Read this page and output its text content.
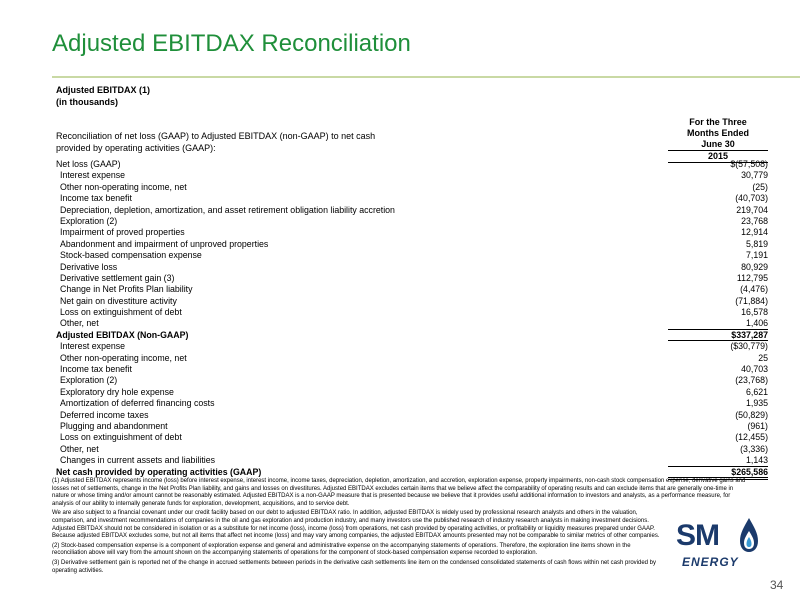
Adjusted EBITDAX Reconciliation
Adjusted EBITDAX (1)
(in thousands)
Reconciliation of net loss (GAAP) to Adjusted EBITDAX (non-GAAP) to net cash
provided by operating activities (GAAP):
For the Three
Months Ended
June 30
2015
Net loss (GAAP)	$(57,508)
Interest expense	30,779
Other non-operating income, net	(25)
Income tax benefit	(40,703)
Depreciation, depletion, amortization, and asset retirement obligation liability accretion	219,704
Exploration (2)	23,768
Impairment of proved properties	12,914
Abandonment and impairment of unproved properties	5,819
Stock-based compensation expense	7,191
Derivative loss	80,929
Derivative settlement gain (3)	112,795
Change in Net Profits Plan liability	(4,476)
Net gain on divestiture activity	(71,884)
Loss on extinguishment of debt	16,578
Other, net	1,406
Adjusted EBITDAX (Non-GAAP)	$337,287
Interest expense	($30,779)
Other non-operating income, net	25
Income tax benefit	40,703
Exploration (2)	(23,768)
Exploratory dry hole expense	6,621
Amortization of deferred financing costs	1,935
Deferred income taxes	(50,829)
Plugging and abandonment	(961)
Loss on extinguishment of debt	(12,455)
Other, net	(3,336)
Changes in current assets and liabilities	1,143
Net cash provided by operating activities (GAAP)	$265,586

(1) Adjusted EBITDAX represents income (loss) before interest expense, interest income, income taxes, depreciation, depletion, amortization, and accretion, exploration expense, property impairments, non-cash stock compensation expense, derivative gains and losses net of settlements, change in the Net Profits Plan liability, and gains and losses on divestitures. Adjusted EBITDAX excludes certain items that we believe affect the comparability of operating results and can exclude items that are generally one-time in nature or whose timing and/or amount cannot be reasonably estimated. Adjusted EBITDAX is a non-GAAP measure that is presented because we believe that it provides useful additional information to investors and analysts, as a performance measure, for analysis of our ability to internally generate funds for exploration, development, acquisitions, and to service debt.

We are also subject to a financial covenant under our credit facility based on our debt to adjusted EBITDAX ratio. In addition, adjusted EBITDAX is widely used by professional research analysts and others in the valuation, comparison, and investment recommendations of companies in the oil and gas exploration and production industry, and many investors use the published research of industry research analysts in making investment decisions. Adjusted EBITDAX should not be considered in isolation or as a substitute for net income (loss), income (loss) from operations, net cash provided by operating activities, or profitability or liquidity measures prepared under GAAP. Because adjusted EBITDAX excludes some, but not all items that affect net income (loss) and may vary among companies, the adjusted EBITDAX amounts presented may not be comparable to similar metrics of other companies.

(2) Stock-based compensation expense is a component of exploration expense and general and administrative expense on the accompanying statements of operations. Therefore, the exploration line items shown in the reconciliation above will vary from the amount shown on the accompanying statements of operations for the component of stock-based compensation expense recorded to exploration.

(3) Derivative settlement gain is reported net of the change in accrued settlements between periods in the derivative cash settlements line item on the condensed consolidated statements of cash flows within net cash provided by operating activities.

SM
ENERGY
34
